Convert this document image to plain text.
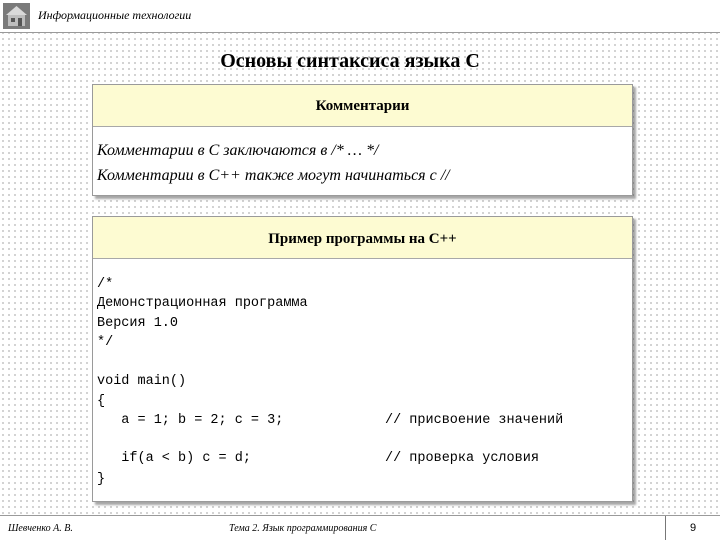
Информационные технологии
Основы синтаксиса языка С
Комментарии
Комментарии в С заключаются в /* … */
Комментарии в С++ также могут начинаться с //
Пример программы на С++
/*
Демонстрационная программа
Версия 1.0
*/
void main()
{
a = 1; b = 2; c = 3;	// присвоение значений
if(a < b) c = d;	// проверка условия
}
Шевченко А. В.	Тема 2. Язык программирования С	9
